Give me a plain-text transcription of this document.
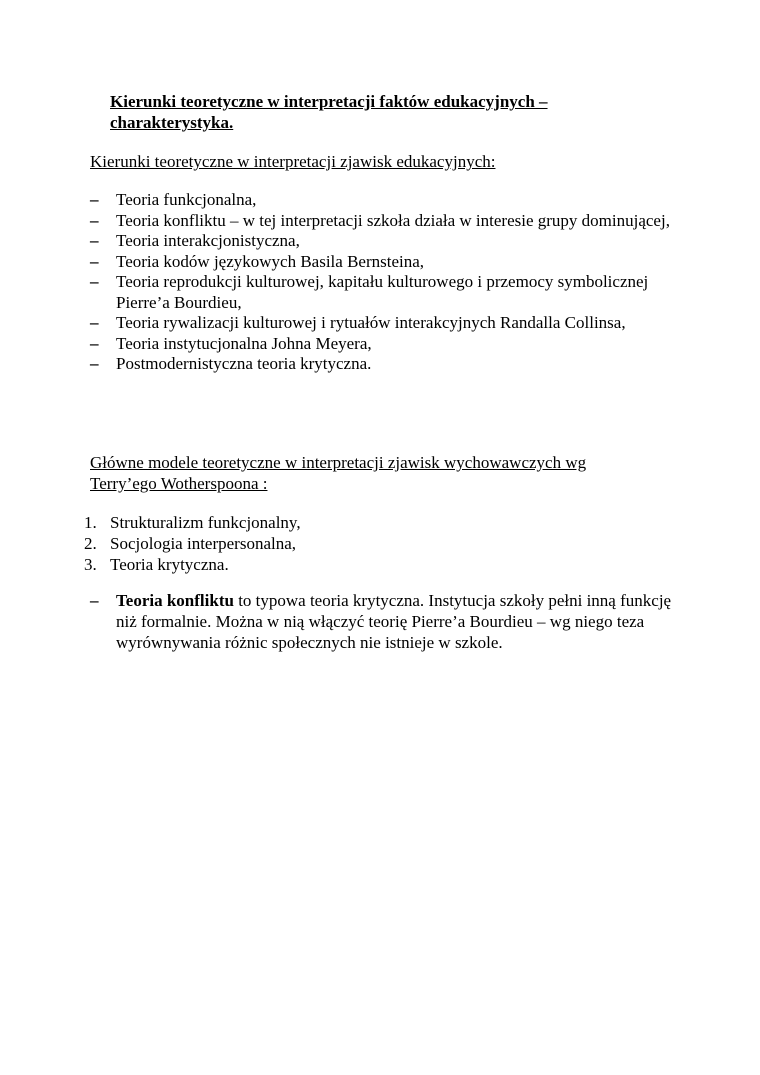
Kierunki teoretyczne w interpretacji faktów edukacyjnych –
charakterystyka.
Kierunki teoretyczne w interpretacji zjawisk edukacyjnych:
–	Teoria funkcjonalna,
–	Teoria konfliktu – w tej interpretacji szkoła działa w interesie grupy dominującej,
–	Teoria interakcjonistyczna,
–	Teoria kodów językowych Basila Bernsteina,
–	Teoria reprodukcji kulturowej, kapitału kulturowego i przemocy symbolicznej Pierre’a Bourdieu,
–	Teoria rywalizacji kulturowej i rytuałów interakcyjnych Randalla Collinsa,
–	Teoria instytucjonalna Johna Meyera,
–	Postmodernistyczna teoria krytyczna.
Główne modele teoretyczne w interpretacji zjawisk wychowawczych wg
Terry’ego Wotherspoona :
1. Strukturalizm funkcjonalny,
2. Socjologia interpersonalna,
3. Teoria krytyczna.
–	Teoria konfliktu to typowa teoria krytyczna. Instytucja szkoły pełni inną funkcję niż formalnie. Można w nią włączyć teorię Pierre’a Bourdieu – wg niego teza wyrównywania różnic społecznych nie istnieje w szkole.
